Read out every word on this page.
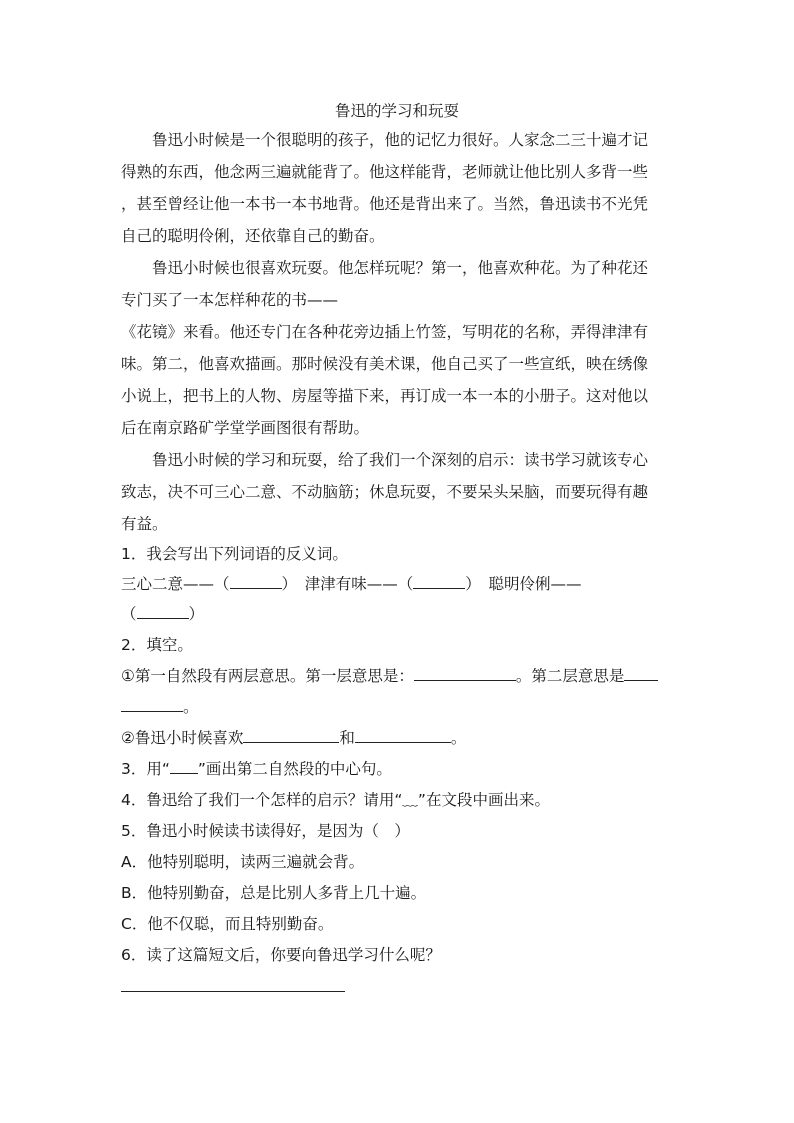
鲁迅的学习和玩耍
　　鲁迅小时候是一个很聪明的孩子，他的记忆力很好。人家念二三十遍才记
得熟的东西，他念两三遍就能背了。他这样能背，老师就让他比别人多背一些
，甚至曾经让他一本书一本书地背。他还是背出来了。当然，鲁迅读书不光凭
自己的聪明伶俐，还依靠自己的勤奋。
　　鲁迅小时候也很喜欢玩耍。他怎样玩呢？第一，他喜欢种花。为了种花还
专门买了一本怎样种花的书——
《花镜》来看。他还专门在各种花旁边插上竹签，写明花的名称，弄得津津有
味。第二，他喜欢描画。那时候没有美术课，他自己买了一些宣纸，映在绣像
小说上，把书上的人物、房屋等描下来，再订成一本一本的小册子。这对他以
后在南京路矿学堂学画图很有帮助。
　　鲁迅小时候的学习和玩耍，给了我们一个深刻的启示：读书学习就该专心
致志，决不可三心二意、不动脑筋；休息玩耍，不要呆头呆脑，而要玩得有趣
有益。
1．我会写出下列词语的反义词。
三心二意——（	）　津津有味——（	）　聪明伶俐——
（	）
2．填空。
①第一自然段有两层意思。第一层意思是：	。第二层意思是
。
②鲁迅小时候喜欢	和	。
3．用“ ”画出第二自然段的中心句。
4．鲁迅给了我们一个怎样的启示？请用“﹏”在文段中画出来。
5．鲁迅小时候读书读得好，是因为（　）
A．他特别聪明，读两三遍就会背。
B．他特别勤奋，总是比别人多背上几十遍。
C．他不仅聪，而且特别勤奋。
6．读了这篇短文后，你要向鲁迅学习什么呢？
